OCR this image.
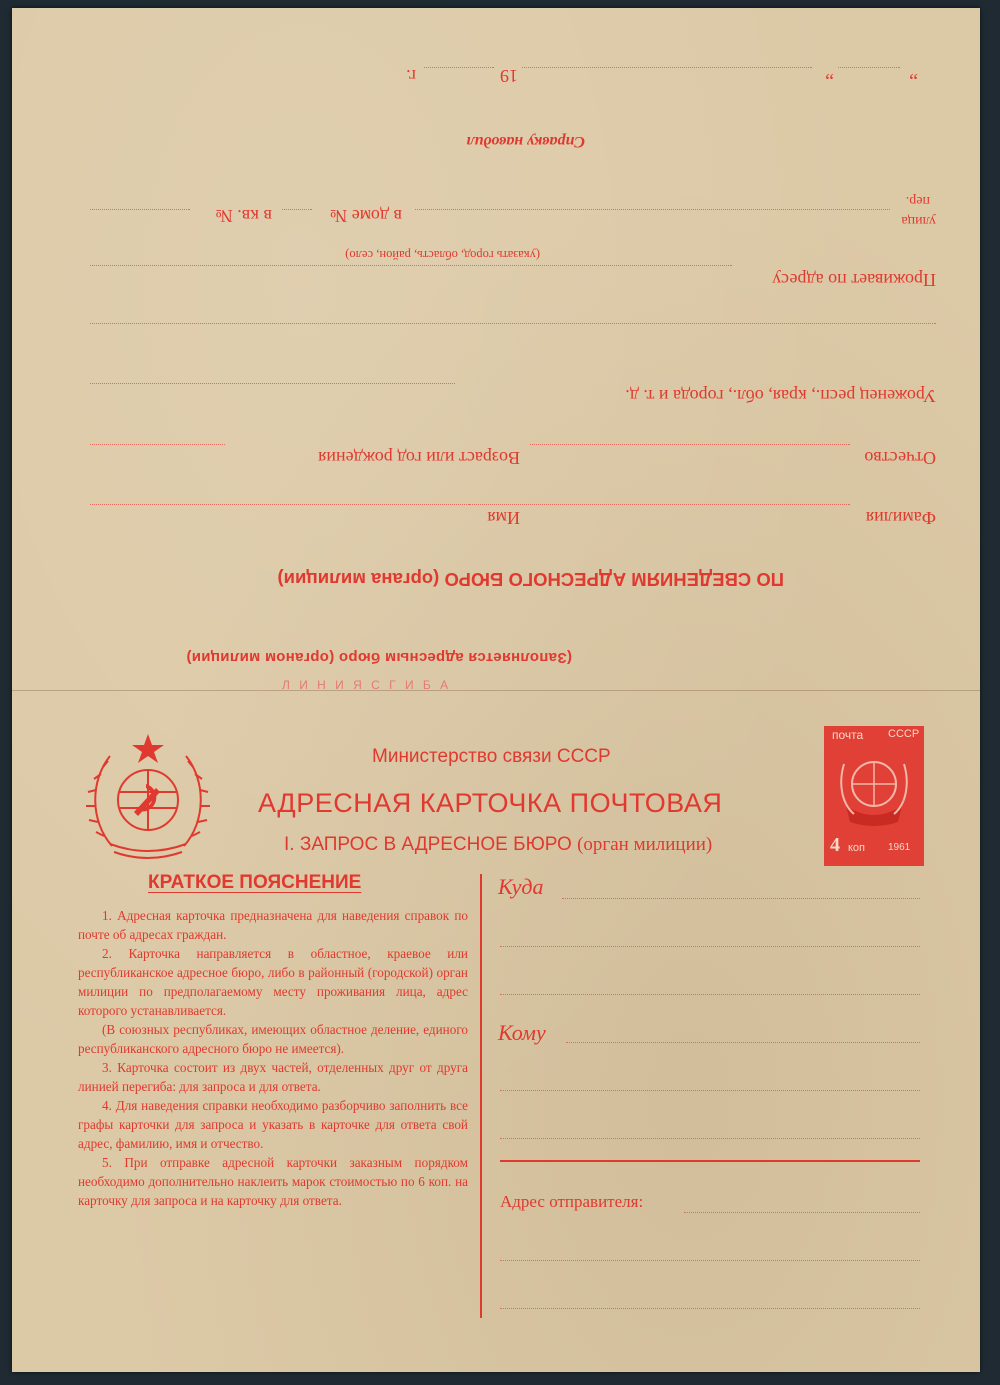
(Заполняется адресным бюро (органом милиции)
ПО СВЕДЕНИЯМ АДРЕСНОГО БЮРО (органа милиции)
Фамилия
Имя
Отчество
Возраст или год рождения
Уроженец респ., края, обл., города и т. д.
Проживает по адресу
(указать город, область, район, село)
улица
пер.
в доме №
в кв. №
Справку наводил
„
„
19
г.
Л И Н И Я С Г И Б А
Министерство связи СССР
АДРЕСНАЯ КАРТОЧКА ПОЧТОВАЯ
I. ЗАПРОС В АДРЕСНОЕ БЮРО (орган милиции)
почта СССР
4 коп 1961
КРАТКОЕ ПОЯСНЕНИЕ

1. Адресная карточка предназначена для наведения справок по почте об адресах граждан.

2. Карточка направляется в областное, краевое или республиканское адресное бюро, либо в районный (городской) орган милиции по предполагаемому месту проживания лица, адрес которого устанавливается.

(В союзных республиках, имеющих областное деление, единого республиканского адресного бюро не имеется).

3. Карточка состоит из двух частей, отделенных друг от друга линией перегиба: для запроса и для ответа.

4. Для наведения справки необходимо разборчиво заполнить все графы карточки для запроса и указать в карточке для ответа свой адрес, фамилию, имя и отчество.

5. При отправке адресной карточки заказным порядком необходимо дополнительно наклеить марок стоимостью по 6 коп. на карточку для запроса и на карточку для ответа.

Куда
Кому
Адрес отправителя:
